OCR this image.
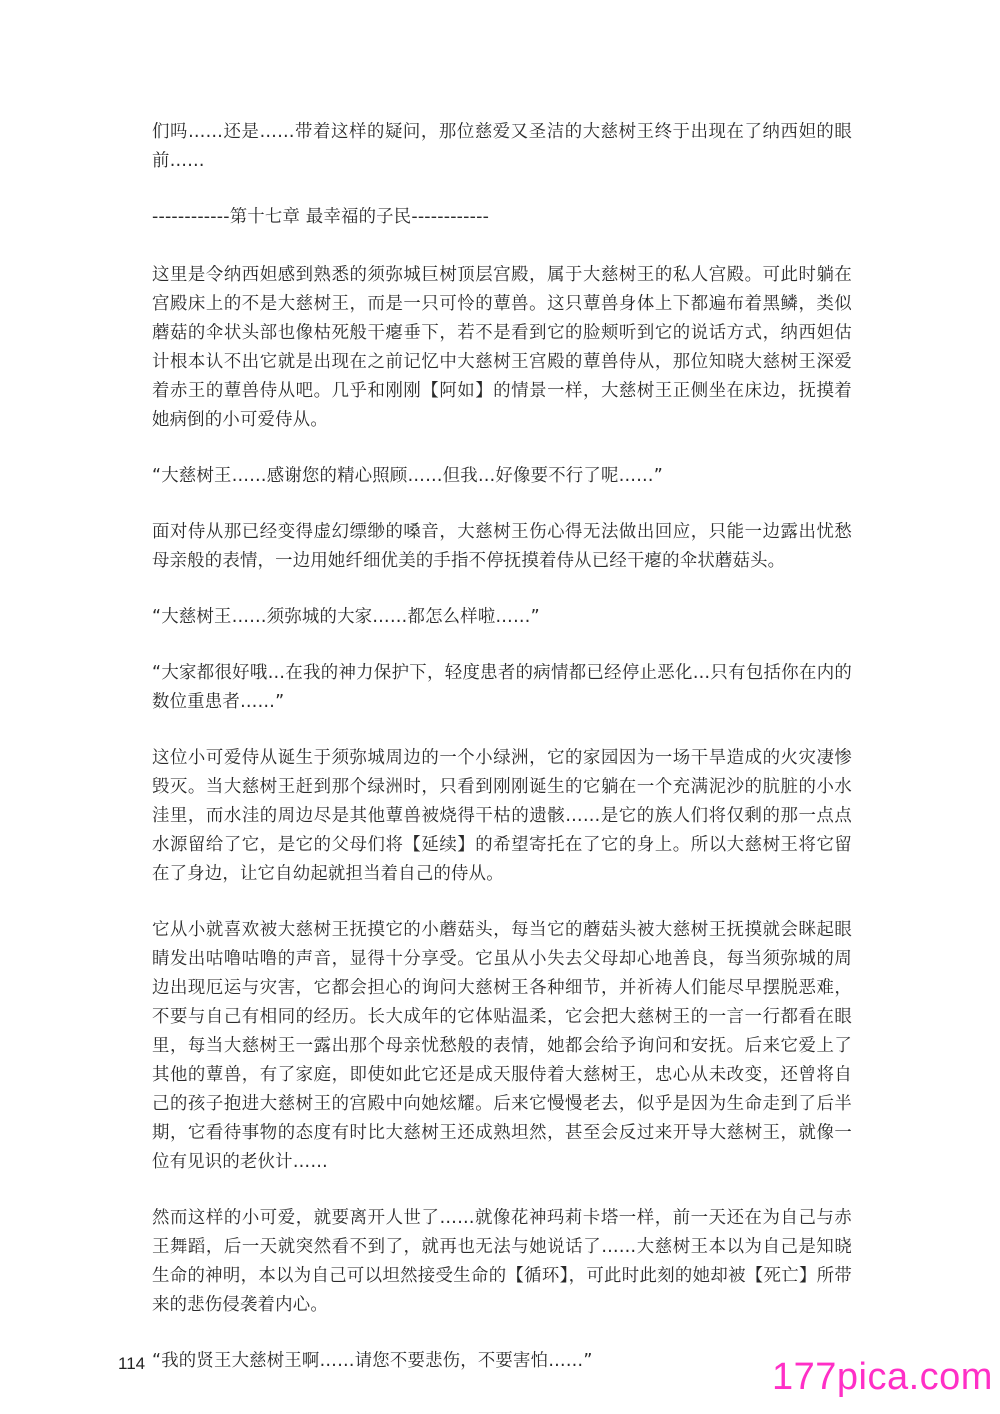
们吗……还是……带着这样的疑问，那位慈爱又圣洁的大慈树王终于出现在了纳西妲的眼前……

------------第十七章 最幸福的子民------------

这里是令纳西妲感到熟悉的须弥城巨树顶层宫殿，属于大慈树王的私人宫殿。可此时躺在宫殿床上的不是大慈树王，而是一只可怜的蕈兽。这只蕈兽身体上下都遍布着黑鳞，类似蘑菇的伞状头部也像枯死般干瘪垂下，若不是看到它的脸颊听到它的说话方式，纳西妲估计根本认不出它就是出现在之前记忆中大慈树王宫殿的蕈兽侍从，那位知晓大慈树王深爱着赤王的蕈兽侍从吧。几乎和刚刚【阿如】的情景一样，大慈树王正侧坐在床边，抚摸着她病倒的小可爱侍从。

“大慈树王……感谢您的精心照顾……但我…好像要不行了呢……”

面对侍从那已经变得虚幻缥缈的嗓音，大慈树王伤心得无法做出回应，只能一边露出忧愁母亲般的表情，一边用她纤细优美的手指不停抚摸着侍从已经干瘪的伞状蘑菇头。

“大慈树王……须弥城的大家……都怎么样啦……”

“大家都很好哦…在我的神力保护下，轻度患者的病情都已经停止恶化…只有包括你在内的数位重患者……”

这位小可爱侍从诞生于须弥城周边的一个小绿洲，它的家园因为一场干旱造成的火灾凄惨毁灭。当大慈树王赶到那个绿洲时，只看到刚刚诞生的它躺在一个充满泥沙的肮脏的小水洼里，而水洼的周边尽是其他蕈兽被烧得干枯的遗骸……是它的族人们将仅剩的那一点点水源留给了它，是它的父母们将【延续】的希望寄托在了它的身上。所以大慈树王将它留在了身边，让它自幼起就担当着自己的侍从。

它从小就喜欢被大慈树王抚摸它的小蘑菇头，每当它的蘑菇头被大慈树王抚摸就会眯起眼睛发出咕噜咕噜的声音，显得十分享受。它虽从小失去父母却心地善良，每当须弥城的周边出现厄运与灾害，它都会担心的询问大慈树王各种细节，并祈祷人们能尽早摆脱恶难，不要与自己有相同的经历。长大成年的它体贴温柔，它会把大慈树王的一言一行都看在眼里，每当大慈树王一露出那个母亲忧愁般的表情，她都会给予询问和安抚。后来它爱上了其他的蕈兽，有了家庭，即使如此它还是成天服侍着大慈树王，忠心从未改变，还曾将自己的孩子抱进大慈树王的宫殿中向她炫耀。后来它慢慢老去，似乎是因为生命走到了后半期，它看待事物的态度有时比大慈树王还成熟坦然，甚至会反过来开导大慈树王，就像一位有见识的老伙计……

然而这样的小可爱，就要离开人世了……就像花神玛莉卡塔一样，前一天还在为自己与赤王舞蹈，后一天就突然看不到了，就再也无法与她说话了……大慈树王本以为自己是知晓生命的神明，本以为自己可以坦然接受生命的【循环】，可此时此刻的她却被【死亡】所带来的悲伤侵袭着内心。

“我的贤王大慈树王啊……请您不要悲伤，不要害怕……”

114	177pica.com
